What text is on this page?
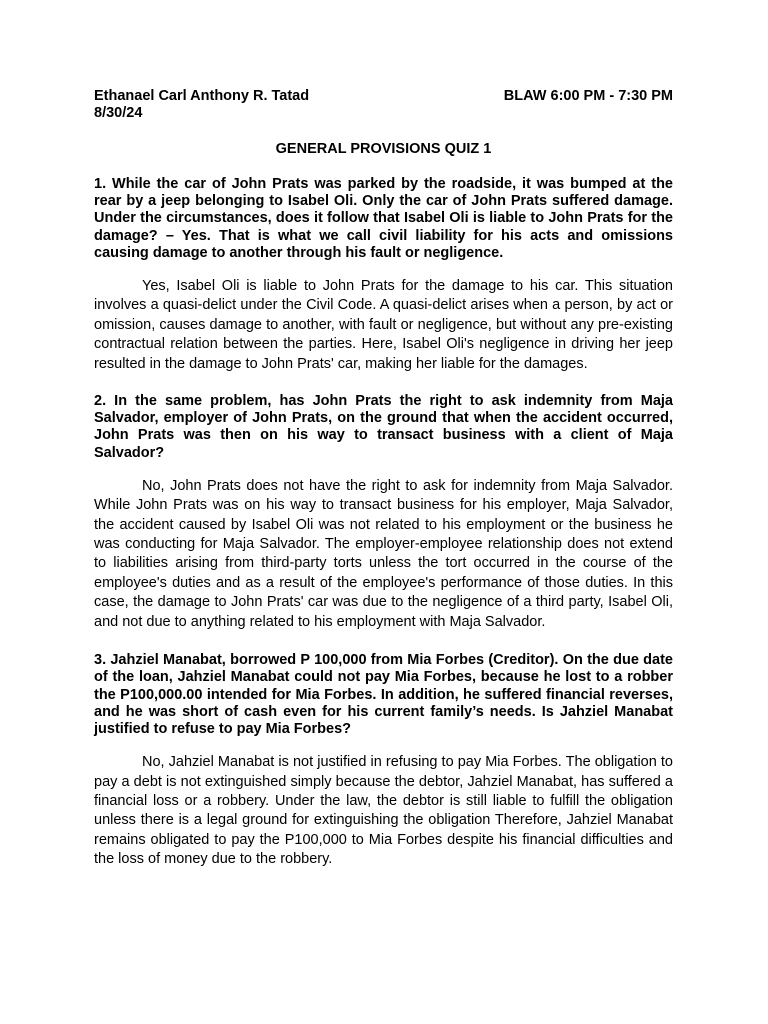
Ethanael Carl Anthony R. Tatad	BLAW 6:00 PM - 7:30 PM
8/30/24
GENERAL PROVISIONS QUIZ 1

1. While the car of John Prats was parked by the roadside, it was bumped at the rear by a jeep belonging to Isabel Oli. Only the car of John Prats suffered damage. Under the circumstances, does it follow that Isabel Oli is liable to John Prats for the damage? – Yes. That is what we call civil liability for his acts and omissions causing damage to another through his fault or negligence.

Yes, Isabel Oli is liable to John Prats for the damage to his car. This situation involves a quasi-delict under the Civil Code. A quasi-delict arises when a person, by act or omission, causes damage to another, with fault or negligence, but without any pre-existing contractual relation between the parties. Here, Isabel Oli's negligence in driving her jeep resulted in the damage to John Prats' car, making her liable for the damages.

2. In the same problem, has John Prats the right to ask indemnity from Maja Salvador, employer of John Prats, on the ground that when the accident occurred, John Prats was then on his way to transact business with a client of Maja Salvador?

No, John Prats does not have the right to ask for indemnity from Maja Salvador. While John Prats was on his way to transact business for his employer, Maja Salvador, the accident caused by Isabel Oli was not related to his employment or the business he was conducting for Maja Salvador. The employer-employee relationship does not extend to liabilities arising from third-party torts unless the tort occurred in the course of the employee's duties and as a result of the employee's performance of those duties. In this case, the damage to John Prats' car was due to the negligence of a third party, Isabel Oli, and not due to anything related to his employment with Maja Salvador.

3. Jahziel Manabat, borrowed P 100,000 from Mia Forbes (Creditor). On the due date of the loan, Jahziel Manabat could not pay Mia Forbes, because he lost to a robber the P100,000.00 intended for Mia Forbes. In addition, he suffered financial reverses, and he was short of cash even for his current family’s needs. Is Jahziel Manabat justified to refuse to pay Mia Forbes?

No, Jahziel Manabat is not justified in refusing to pay Mia Forbes. The obligation to pay a debt is not extinguished simply because the debtor, Jahziel Manabat, has suffered a financial loss or a robbery. Under the law, the debtor is still liable to fulfill the obligation unless there is a legal ground for extinguishing the obligation Therefore, Jahziel Manabat remains obligated to pay the P100,000 to Mia Forbes despite his financial difficulties and the loss of money due to the robbery.
